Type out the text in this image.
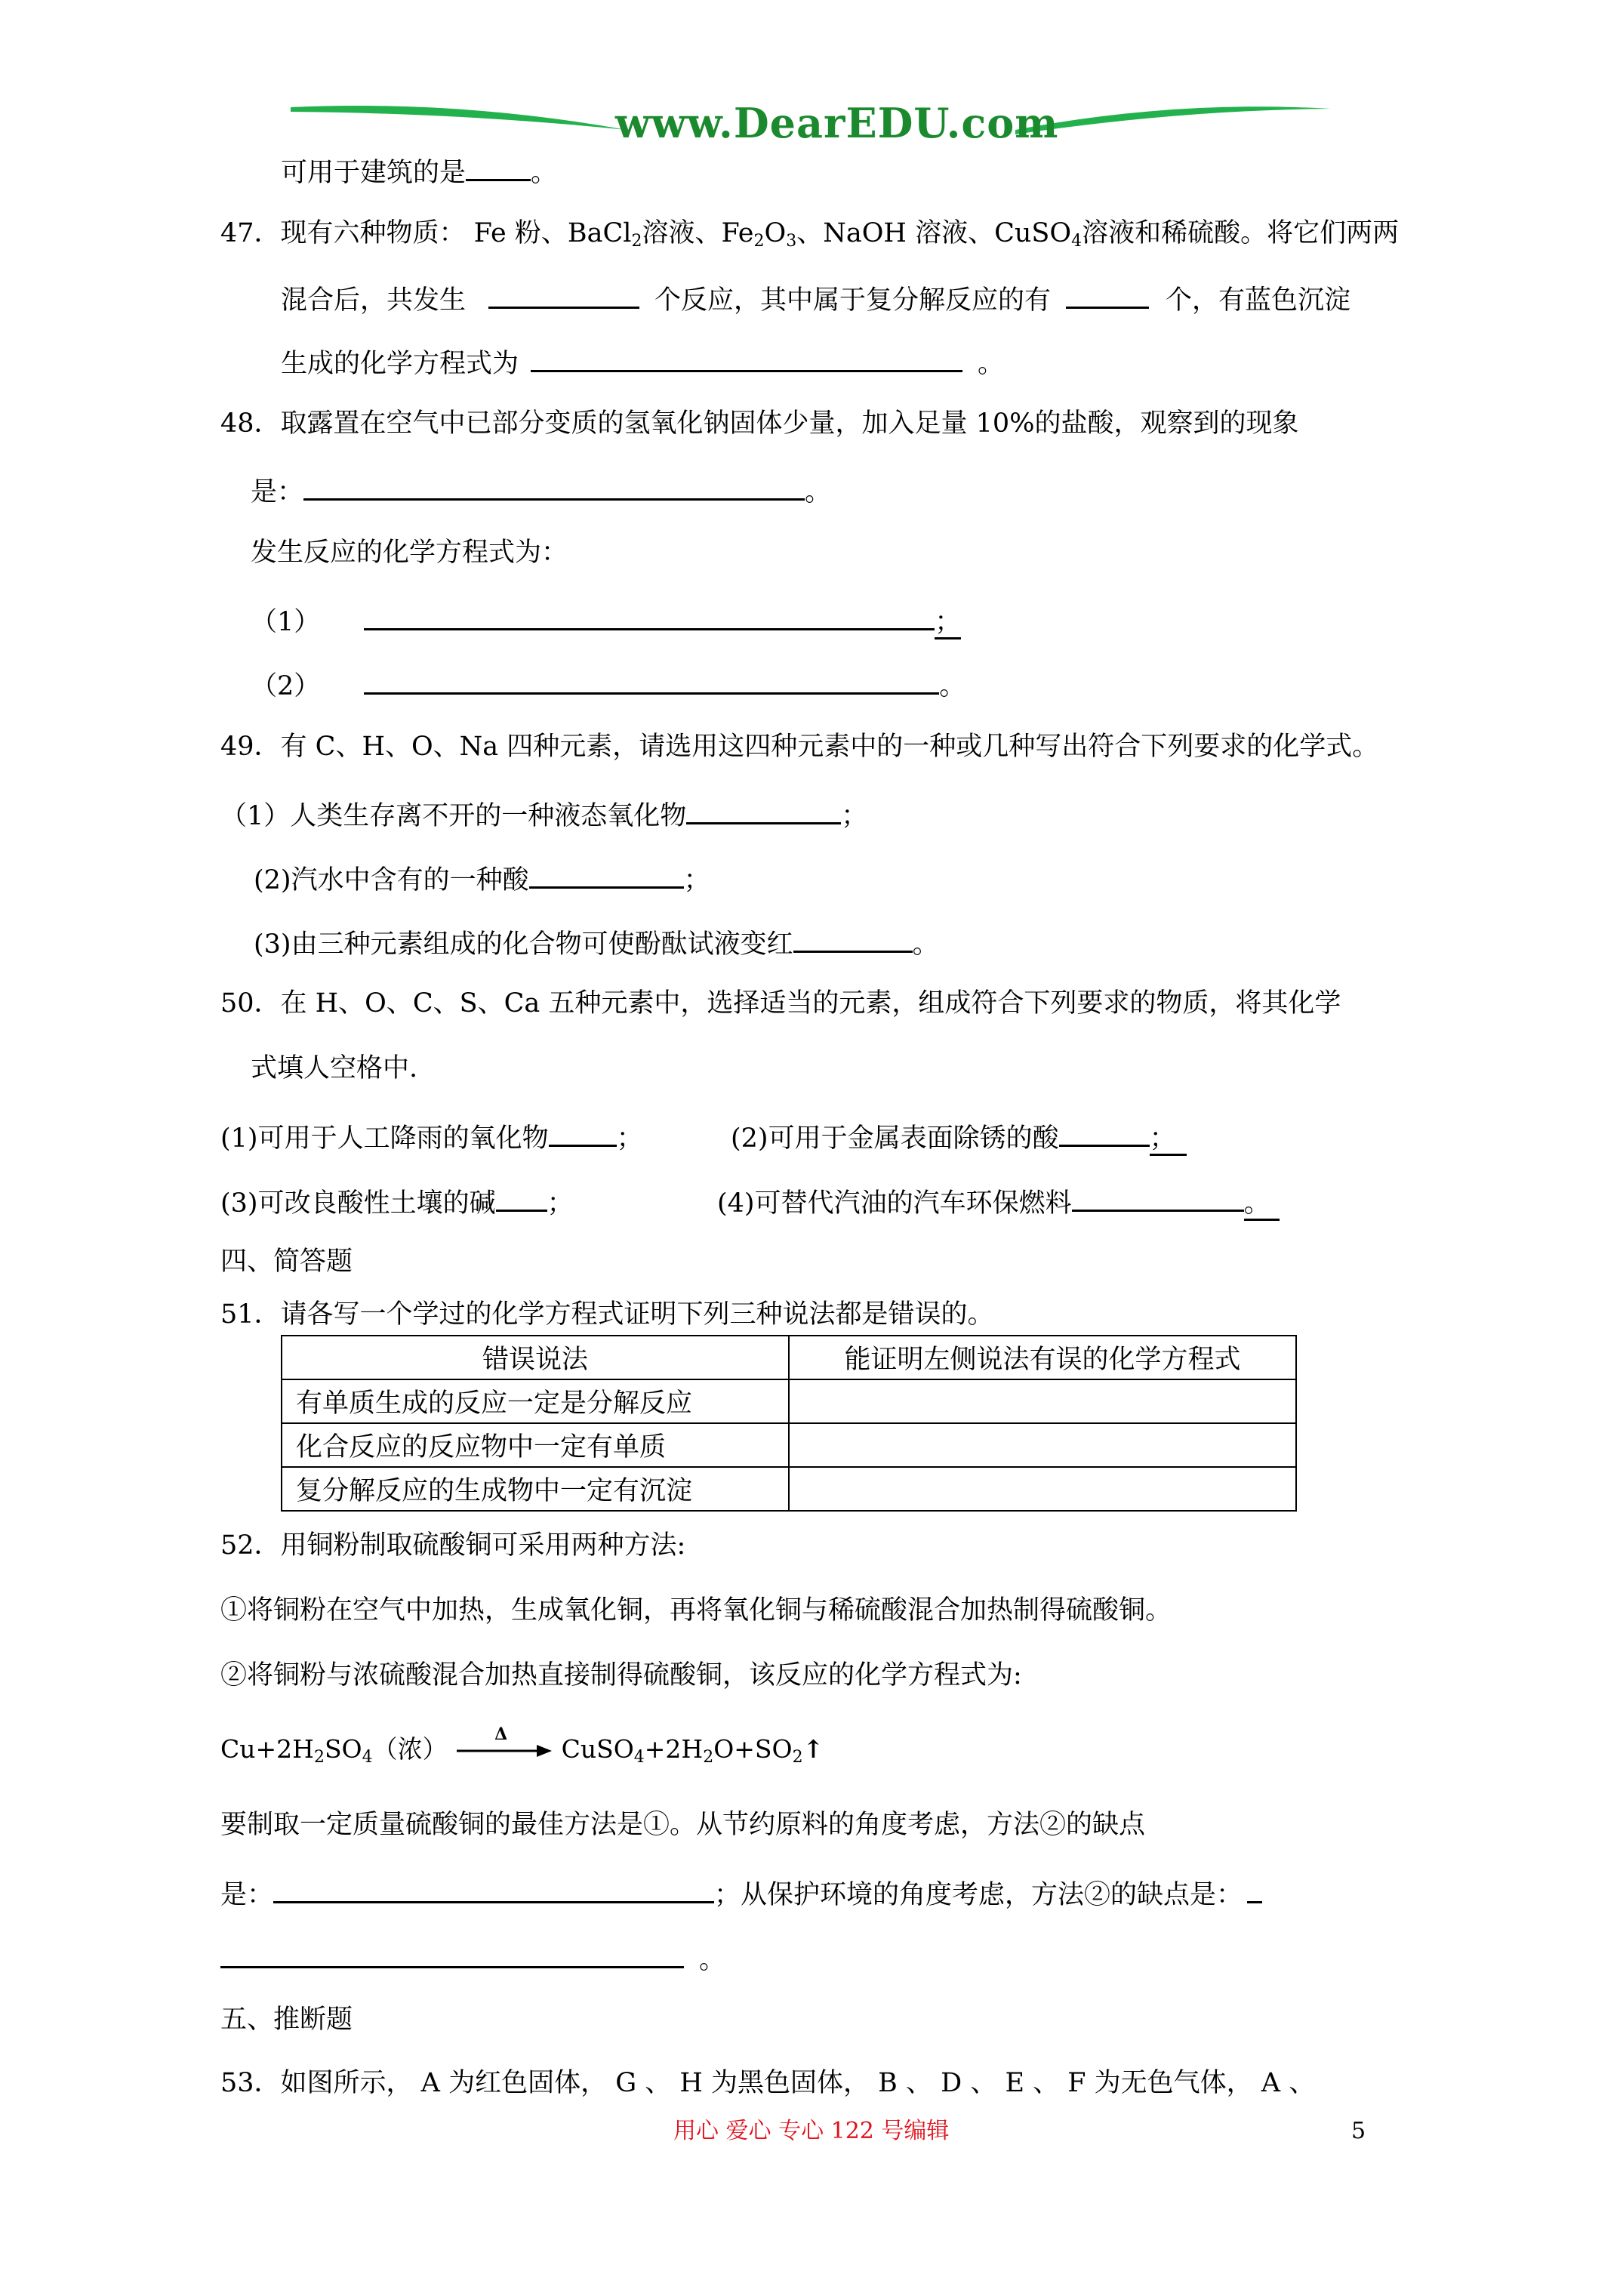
www.DearEDU.com
可用于建筑的是 。
47．现有六种物质： Fe 粉、BaCl$_2$溶液、$Fe_2O_3$、NaOH 溶液、CuSO$_4$溶液和稀硫酸。将它们两两
混合后，共发生	个反应，其中属于复分解反应的有	个，有蓝色沉淀
生成的化学方程式为	。
48．取露置在空气中已部分变质的氢氧化钠固体少量，加入足量 10%的盐酸，观察到的现象
是：	。
发生反应的化学方程式为：
（1）	；
（2）	。
49．有 C、H、O、Na 四种元素，请选用这四种元素中的一种或几种写出符合下列要求的化学式。
（1）人类生存离不开的一种液态氧化物	；
(2)汽水中含有的一种酸	；
(3)由三种元素组成的化合物可使酚酞试液变红	。
50．在 H、O、C、S、Ca 五种元素中，选择适当的元素，组成符合下列要求的物质，将其化学
式填人空格中.
(1)可用于人工降雨的氧化物	；	(2)可用于金属表面除锈的酸	；
(3)可改良酸性土壤的碱 ；	(4)可替代汽油的汽车环保燃料	。
四、简答题
51．请各写一个学过的化学方程式证明下列三种说法都是错误的。
错误说法	能证明左侧说法有误的化学方程式
有单质生成的反应一定是分解反应	
化合反应的反应物中一定有单质	
复分解反应的生成物中一定有沉淀	
52．用铜粉制取硫酸铜可采用两种方法:
①将铜粉在空气中加热，生成氧化铜，再将氧化铜与稀硫酸混合加热制得硫酸铜。
②将铜粉与浓硫酸混合加热直接制得硫酸铜，该反应的化学方程式为:
$Cu+2H_2SO_4$（浓）	Δ $CuSO_4+2H_2O+SO_2↑$
要制取一定质量硫酸铜的最佳方法是①。从节约原料的角度考虑，方法②的缺点
是：	；从保护环境的角度考虑，方法②的缺点是：
。
五、推断题
53．如图所示， A 为红色固体， G 、 H 为黑色固体， B 、 D 、 E 、 F 为无色气体， A 、
用心 爱心 专心 122 号编辑	5
